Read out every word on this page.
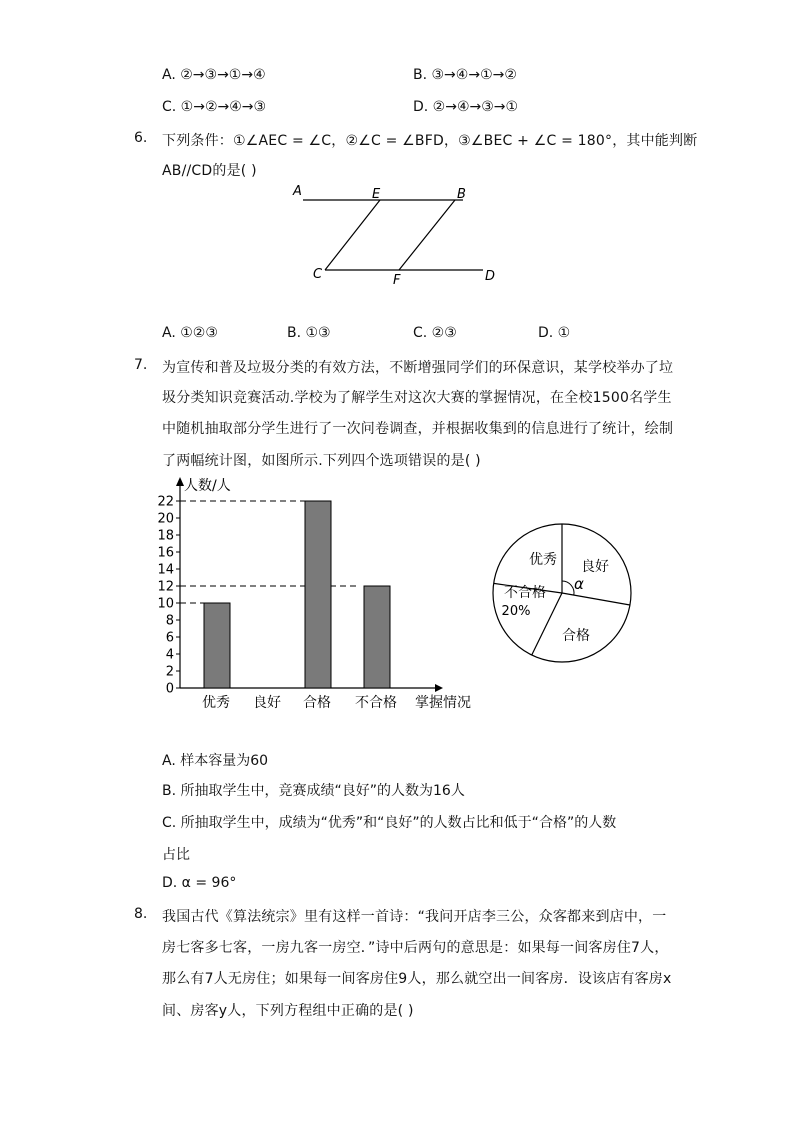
A. ②→③→①→④	B. ③→④→①→②
C. ①→②→④→③	D. ②→④→③→①
6. 下列条件：①∠AEC = ∠C，②∠C = ∠BFD，③∠BEC + ∠C = 180°，其中能判断
AB//CD的是( )
A	E	B
C	F	D
A. ①②③	B. ①③	C. ②③	D. ①
7. 为宣传和普及垃圾分类的有效方法，不断增强同学们的环保意识，某学校举办了垃
圾分类知识竞赛活动.学校为了解学生对这次大赛的掌握情况，在全校1500名学生
中随机抽取部分学生进行了一次问卷调查，并根据收集到的信息进行了统计，绘制
了两幅统计图，如图所示.下列四个选项错误的是( )
0
2
4
6
8
10
12
14
16
18
20
22
人数/人
优秀 良好 合格 不合格 掌握情况
良好
合格
不合格
优秀
20%
α
A. 样本容量为60
B. 所抽取学生中，竞赛成绩“良好”的人数为16人
C. 所抽取学生中，成绩为“优秀”和“良好”的人数占比和低于“合格”的人数
占比
D. α = 96°
8. 我国古代《算法统宗》里有这样一首诗：“我问开店李三公，众客都来到店中，一
房七客多七客，一房九客一房空．”诗中后两句的意思是：如果每一间客房住7人，
那么有7人无房住；如果每一间客房住9人，那么就空出一间客房．设该店有客房x
间、房客y人，下列方程组中正确的是( )
